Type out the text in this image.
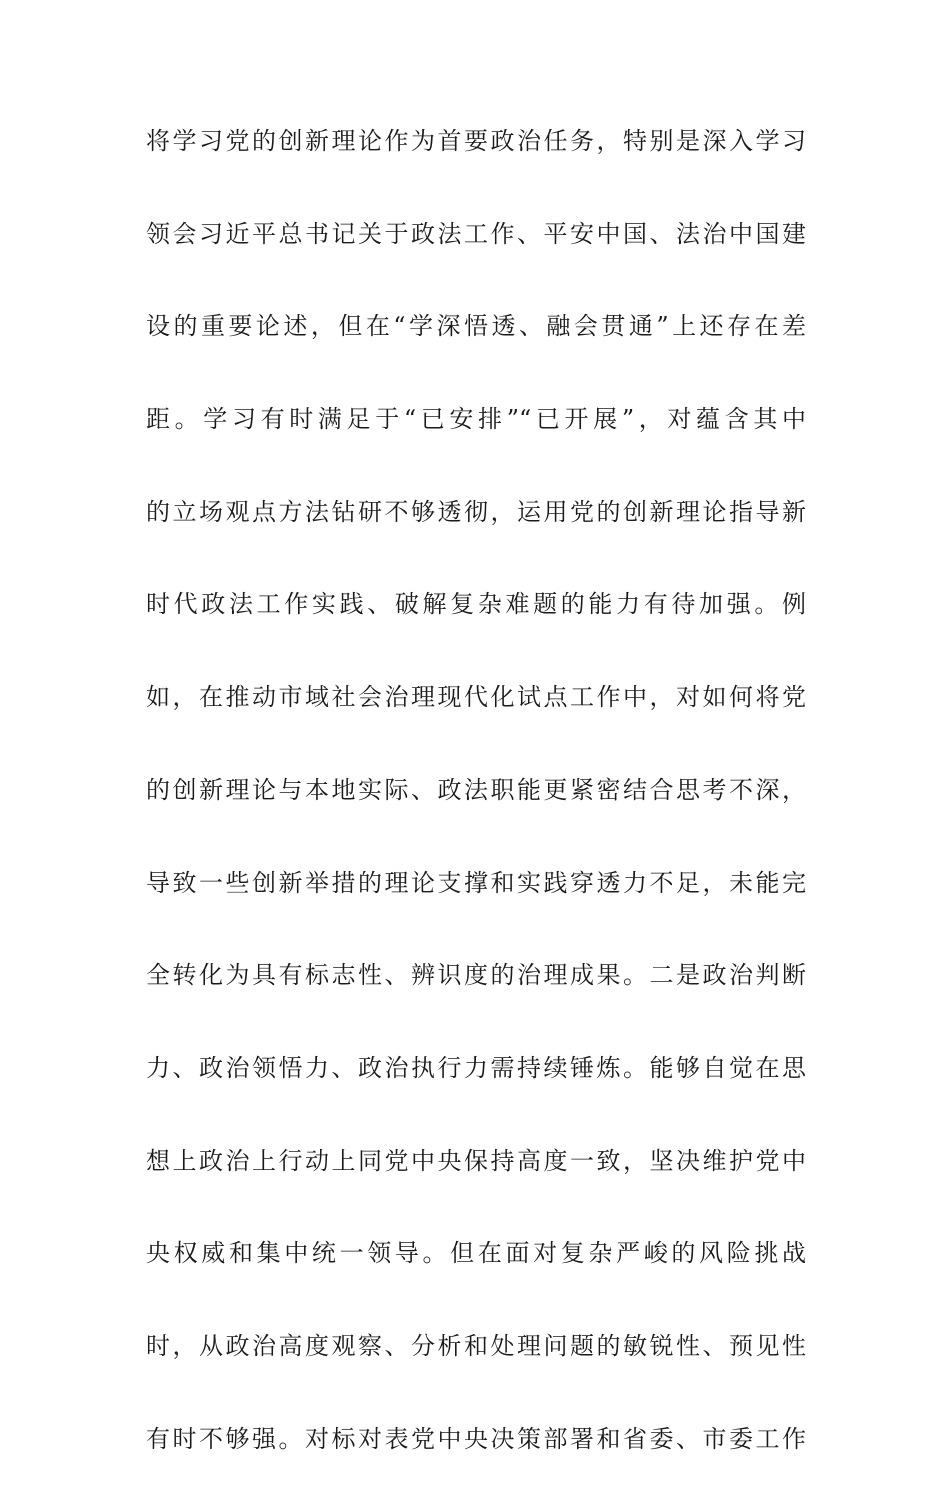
将学习党的创新理论作为首要政治任务，特别是深入学习
领会习近平总书记关于政法工作、平安中国、法治中国建
设的重要论述，但在“学深悟透、融会贯通”上还存在差
距。学习有时满足于“已安排”“已开展”，对蕴含其中
的立场观点方法钻研不够透彻，运用党的创新理论指导新
时代政法工作实践、破解复杂难题的能力有待加强。例
如，在推动市域社会治理现代化试点工作中，对如何将党
的创新理论与本地实际、政法职能更紧密结合思考不深，
导致一些创新举措的理论支撑和实践穿透力不足，未能完
全转化为具有标志性、辨识度的治理成果。二是政治判断
力、政治领悟力、政治执行力需持续锤炼。能够自觉在思
想上政治上行动上同党中央保持高度一致，坚决维护党中
央权威和集中统一领导。但在面对复杂严峻的风险挑战
时，从政治高度观察、分析和处理问题的敏锐性、预见性
有时不够强。对标对表党中央决策部署和省委、市委工作
